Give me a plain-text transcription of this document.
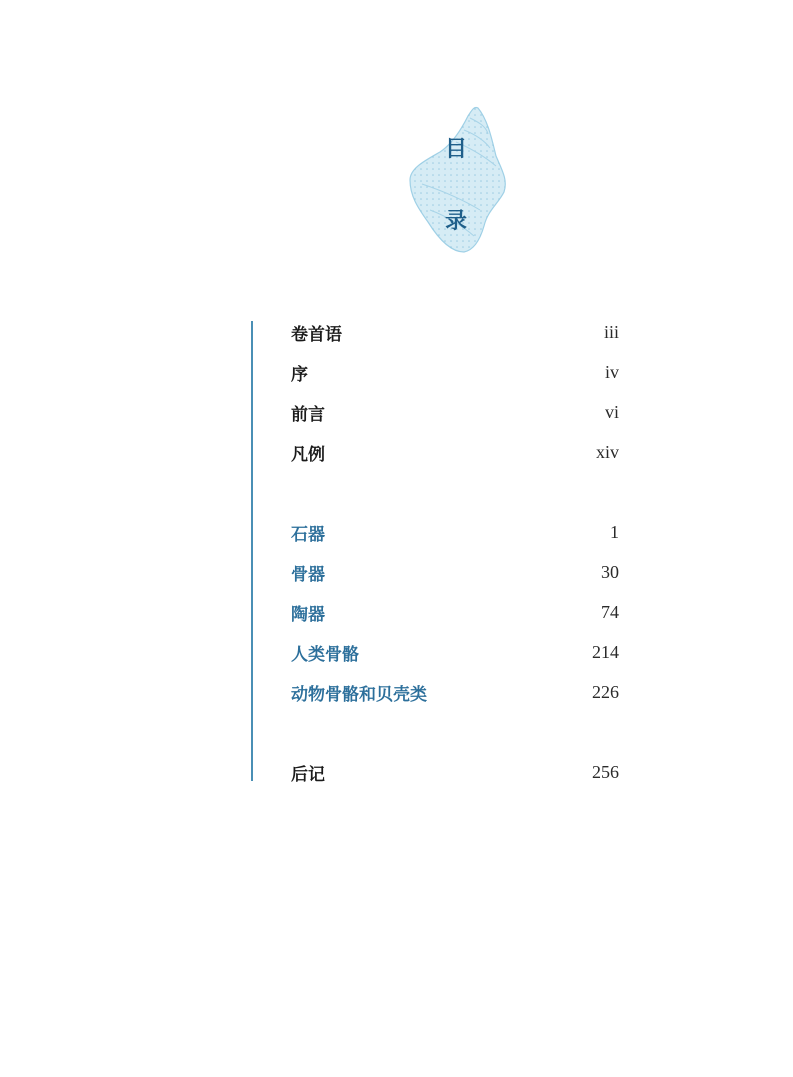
目
录
卷首语	iii
序	iv
前言	vi
凡例	xiv
石器	1
骨器	30
陶器	74
人类骨骼	214
动物骨骼和贝壳类	226
后记	256
